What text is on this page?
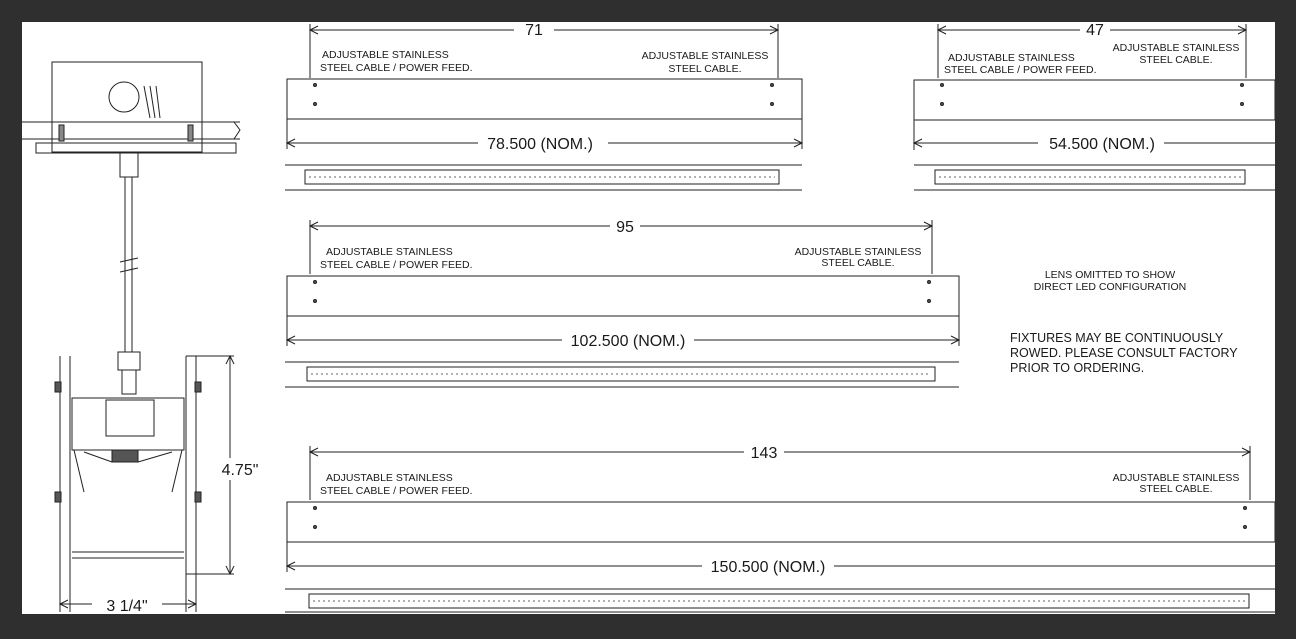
4.75"
3 1/4"
71
ADJUSTABLE STAINLESS
STEEL CABLE / POWER FEED.
ADJUSTABLE STAINLESS
STEEL CABLE.
78.500 (NOM.)
47
ADJUSTABLE STAINLESS
STEEL CABLE / POWER FEED.
ADJUSTABLE STAINLESS
STEEL CABLE.
54.500 (NOM.)
95
ADJUSTABLE STAINLESS
STEEL CABLE / POWER FEED.
ADJUSTABLE STAINLESS
STEEL CABLE.
102.500 (NOM.)
143
ADJUSTABLE STAINLESS
STEEL CABLE / POWER FEED.
ADJUSTABLE STAINLESS
STEEL CABLE.
150.500 (NOM.)
LENS OMITTED TO SHOW
DIRECT LED CONFIGURATION
FIXTURES MAY BE CONTINUOUSLY
ROWED. PLEASE CONSULT FACTORY
PRIOR TO ORDERING.
